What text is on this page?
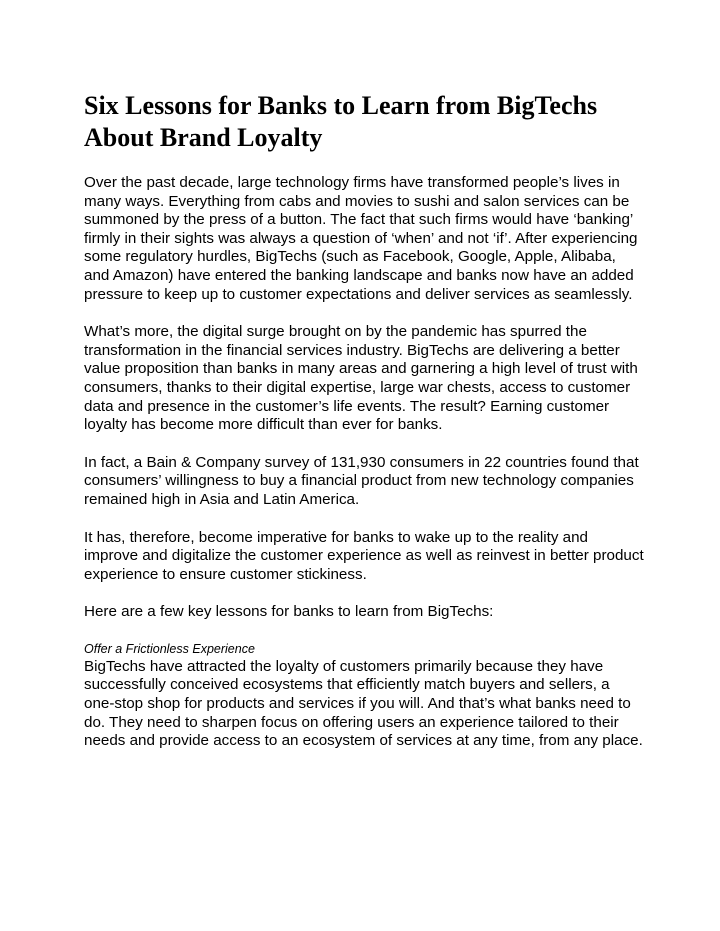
Six Lessons for Banks to Learn from BigTechs About Brand Loyalty

Over the past decade, large technology firms have transformed people’s lives in many ways. Everything from cabs and movies to sushi and salon services can be summoned by the press of a button. The fact that such firms would have ‘banking’ firmly in their sights was always a question of ‘when’ and not ‘if’. After experiencing some regulatory hurdles, BigTechs (such as Facebook, Google, Apple, Alibaba, and Amazon) have entered the banking landscape and banks now have an added pressure to keep up to customer expectations and deliver services as seamlessly.

What’s more, the digital surge brought on by the pandemic has spurred the transformation in the financial services industry. BigTechs are delivering a better value proposition than banks in many areas and garnering a high level of trust with consumers, thanks to their digital expertise, large war chests, access to customer data and presence in the customer’s life events. The result? Earning customer loyalty has become more difficult than ever for banks.

In fact, a Bain & Company survey of 131,930 consumers in 22 countries found that consumers’ willingness to buy a financial product from new technology companies remained high in Asia and Latin America.

It has, therefore, become imperative for banks to wake up to the reality and improve and digitalize the customer experience as well as reinvest in better product experience to ensure customer stickiness.

Here are a few key lessons for banks to learn from BigTechs:

Offer a Frictionless Experience

BigTechs have attracted the loyalty of customers primarily because they have successfully conceived ecosystems that efficiently match buyers and sellers, a one-stop shop for products and services if you will. And that’s what banks need to do. They need to sharpen focus on offering users an experience tailored to their needs and provide access to an ecosystem of services at any time, from any place.
